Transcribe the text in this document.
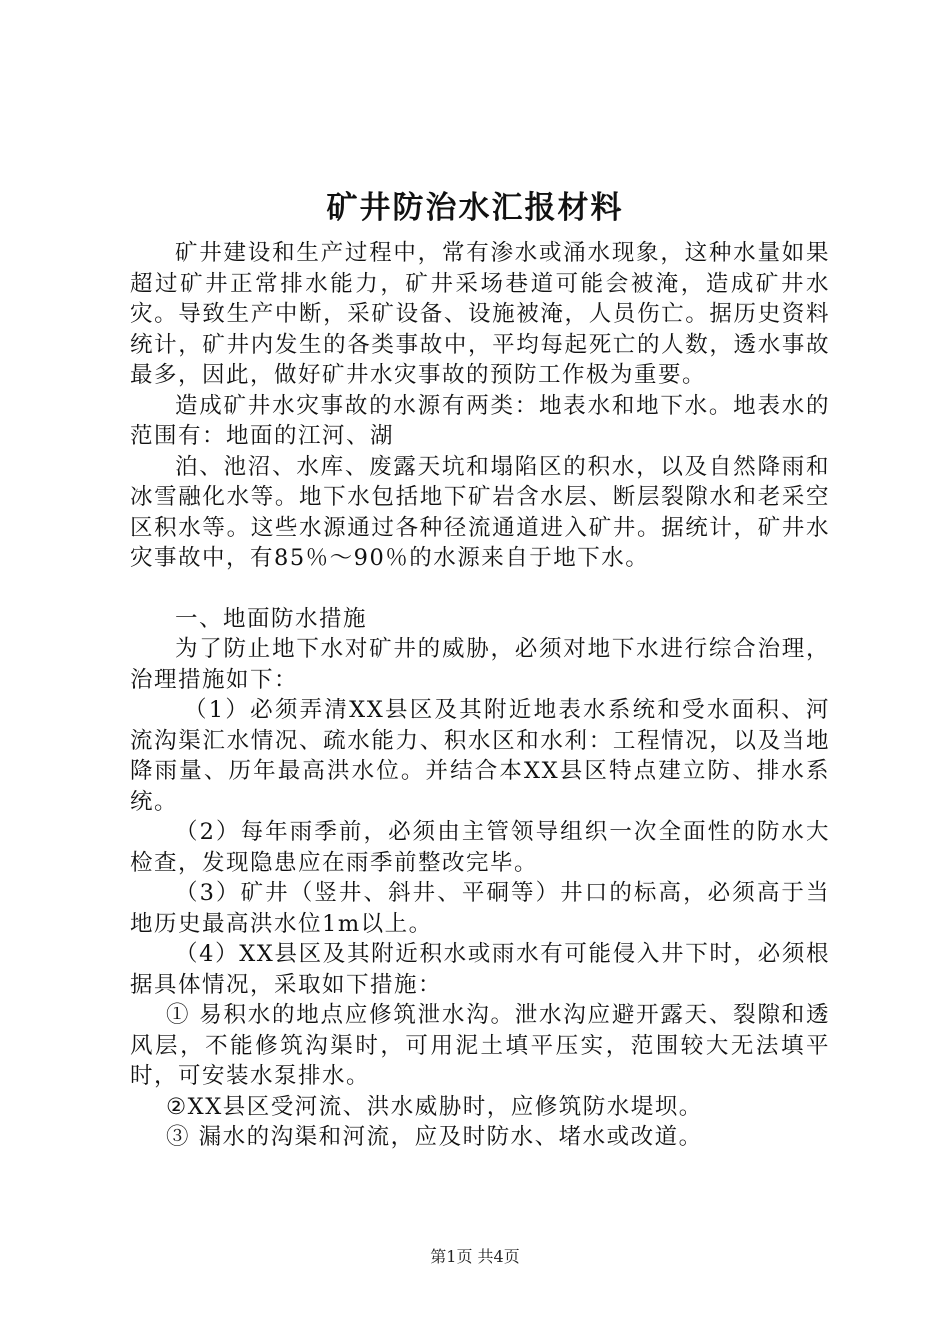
矿井防治水汇报材料

矿井建设和生产过程中，常有渗水或涌水现象，这种水量如果超过矿井正常排水能力，矿井采场巷道可能会被淹，造成矿井水灾。导致生产中断，采矿设备、设施被淹，人员伤亡。据历史资料统计，矿井内发生的各类事故中，平均每起死亡的人数，透水事故最多，因此，做好矿井水灾事故的预防工作极为重要。

造成矿井水灾事故的水源有两类：地表水和地下水。地表水的范围有：地面的江河、湖

泊、池沼、水库、废露天坑和塌陷区的积水，以及自然降雨和冰雪融化水等。地下水包括地下矿岩含水层、断层裂隙水和老采空区积水等。这些水源通过各种径流通道进入矿井。据统计，矿井水灾事故中，有85％～90％的水源来自于地下水。

一、地面防水措施

为了防止地下水对矿井的威胁，必须对地下水进行综合治理，治理措施如下：

（1）必须弄清XX县区及其附近地表水系统和受水面积、河流沟渠汇水情况、疏水能力、积水区和水利：工程情况，以及当地降雨量、历年最高洪水位。并结合本XX县区特点建立防、排水系统。

（2）每年雨季前，必须由主管领导组织一次全面性的防水大检查，发现隐患应在雨季前整改完毕。

（3）矿井（竖井、斜井、平硐等）井口的标高，必须高于当地历史最高洪水位1m以上。

（4）XX县区及其附近积水或雨水有可能侵入井下时，必须根据具体情况，采取如下措施：

① 易积水的地点应修筑泄水沟。泄水沟应避开露天、裂隙和透风层，不能修筑沟渠时，可用泥土填平压实，范围较大无法填平时，可安装水泵排水。

②XX县区受河流、洪水威胁时，应修筑防水堤坝。

③ 漏水的沟渠和河流，应及时防水、堵水或改道。

第1页 共4页
